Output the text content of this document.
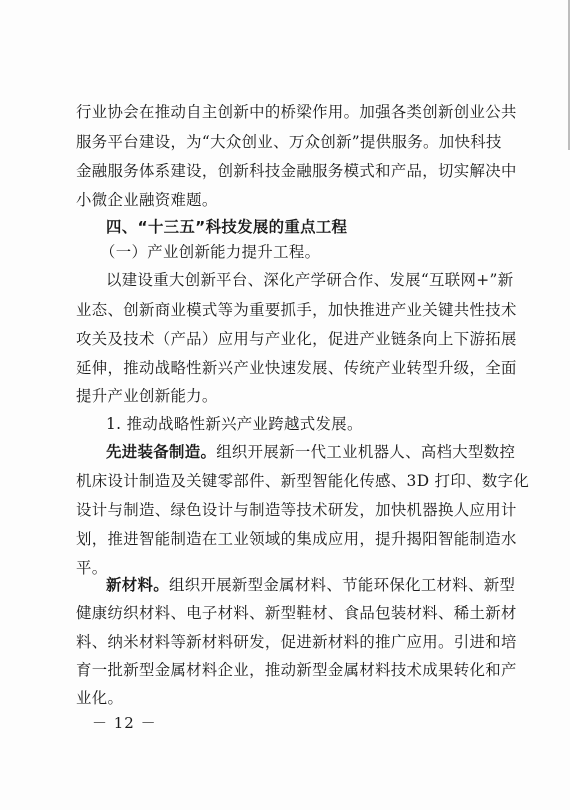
行业协会在推动自主创新中的桥梁作用。加强各类创新创业公共
服务平台建设，为“大众创业、万众创新”提供服务。加快科技
金融服务体系建设，创新科技金融服务模式和产品，切实解决中
小微企业融资难题。
四、“十三五”科技发展的重点工程
（一）产业创新能力提升工程。
以建设重大创新平台、深化产学研合作、发展“互联网+”新
业态、创新商业模式等为重要抓手，加快推进产业关键共性技术
攻关及技术（产品）应用与产业化，促进产业链条向上下游拓展
延伸，推动战略性新兴产业快速发展、传统产业转型升级，全面
提升产业创新能力。
1. 推动战略性新兴产业跨越式发展。
先进装备制造。组织开展新一代工业机器人、高档大型数控
机床设计制造及关键零部件、新型智能化传感、3D 打印、数字化
设计与制造、绿色设计与制造等技术研发，加快机器换人应用计
划，推进智能制造在工业领域的集成应用，提升揭阳智能制造水
平。
新材料。组织开展新型金属材料、节能环保化工材料、新型
健康纺织材料、电子材料、新型鞋材、食品包装材料、稀土新材
料、纳米材料等新材料研发，促进新材料的推广应用。引进和培
育一批新型金属材料企业，推动新型金属材料技术成果转化和产
业化。
－ 12 －
